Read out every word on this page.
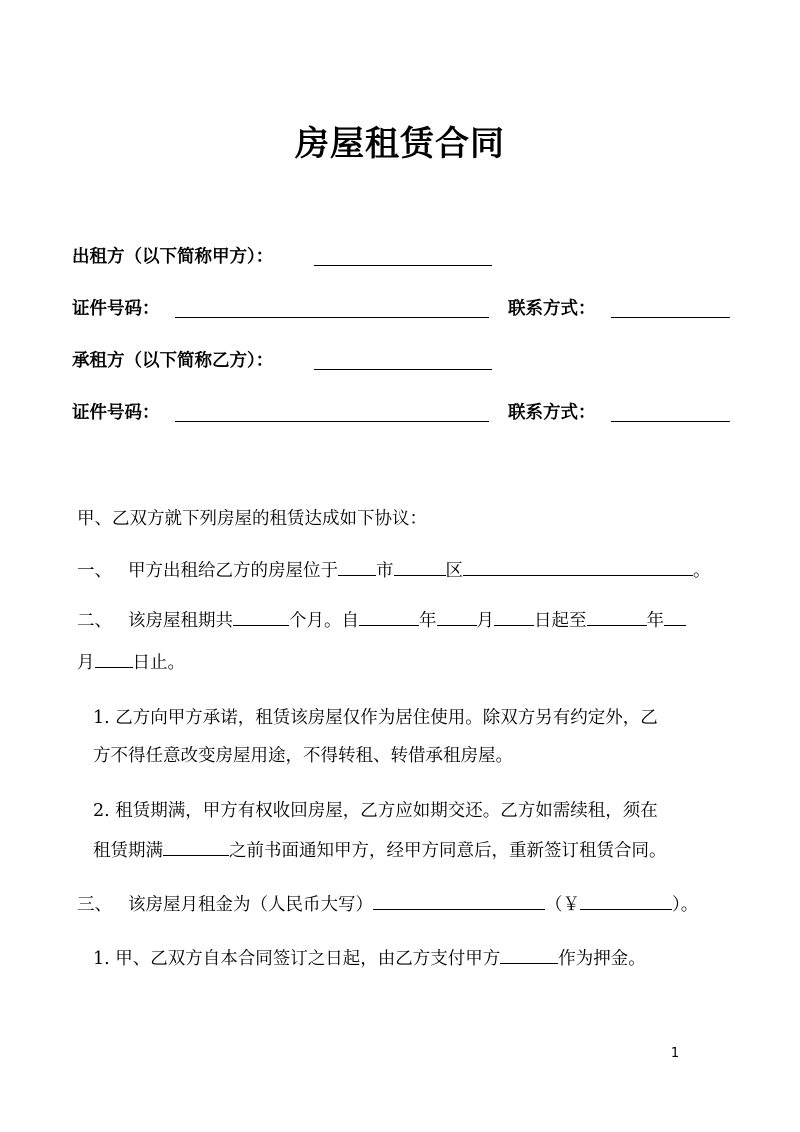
房屋租赁合同
出租方（以下简称甲方）：
证件号码：	联系方式：
承租方（以下简称乙方）：
证件号码：	联系方式：
甲、乙双方就下列房屋的租赁达成如下协议：
一、 甲方出租给乙方的房屋位于 市	区	。
二、 该房屋租期共	个月。自	年 月 日起至	年
月 日止。
1. 乙方向甲方承诺，租赁该房屋仅作为居住使用。除双方另有约定外，乙
方不得任意改变房屋用途，不得转租、转借承租房屋。
2. 租赁期满，甲方有权收回房屋，乙方应如期交还。乙方如需续租，须在
租赁期满	之前书面通知甲方，经甲方同意后，重新签订租赁合同。
三、 该房屋月租金为（人民币大写）	（￥	）。
1. 甲、乙双方自本合同签订之日起，由乙方支付甲方	作为押金。
1
